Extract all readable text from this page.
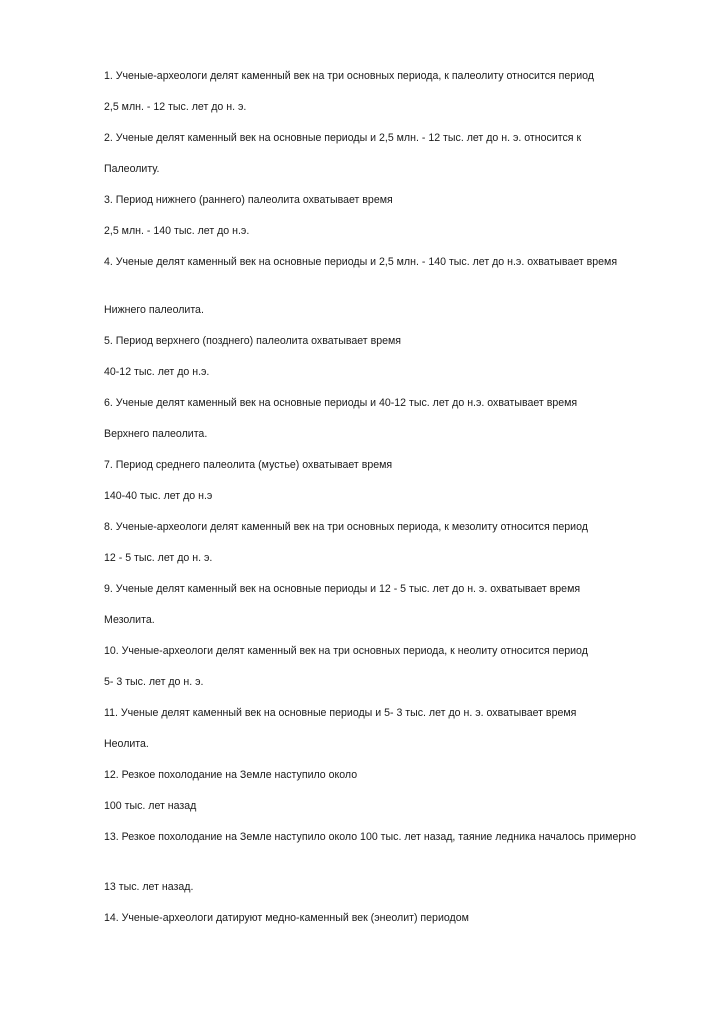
1. Ученые-археологи делят каменный век на три основных периода, к палеолиту относится период
2,5 млн. - 12 тыс. лет до н. э.
2. Ученые делят каменный век на основные периоды и 2,5 млн. - 12 тыс. лет до н. э. относится к
Палеолиту.
3. Период нижнего (раннего) палеолита охватывает время
2,5 млн. - 140 тыс. лет до н.э.
4. Ученые делят каменный век на основные периоды и 2,5 млн. - 140 тыс. лет до н.э. охватывает время
Нижнего палеолита.
5. Период верхнего (позднего) палеолита охватывает время
40-12 тыс. лет до н.э.
6. Ученые делят каменный век на основные периоды и 40-12 тыс. лет до н.э. охватывает время
Верхнего палеолита.
7. Период среднего палеолита (мустье) охватывает время
140-40 тыс. лет до н.э
8. Ученые-археологи делят каменный век на три основных периода, к мезолиту относится период
12 - 5 тыс. лет до н. э.
9. Ученые делят каменный век на основные периоды и 12 - 5 тыс. лет до н. э. охватывает время
Мезолита.
10. Ученые-археологи делят каменный век на три основных периода, к неолиту относится период
5- 3 тыс. лет до н. э.
11. Ученые делят каменный век на основные периоды и 5- 3 тыс. лет до н. э. охватывает время
Неолита.
12. Резкое похолодание на Земле наступило около
100 тыс. лет назад
13. Резкое похолодание на Земле наступило около 100 тыс. лет назад, таяние ледника началось примерно
13 тыс. лет назад.
14. Ученые-археологи датируют медно-каменный век (энеолит) периодом
